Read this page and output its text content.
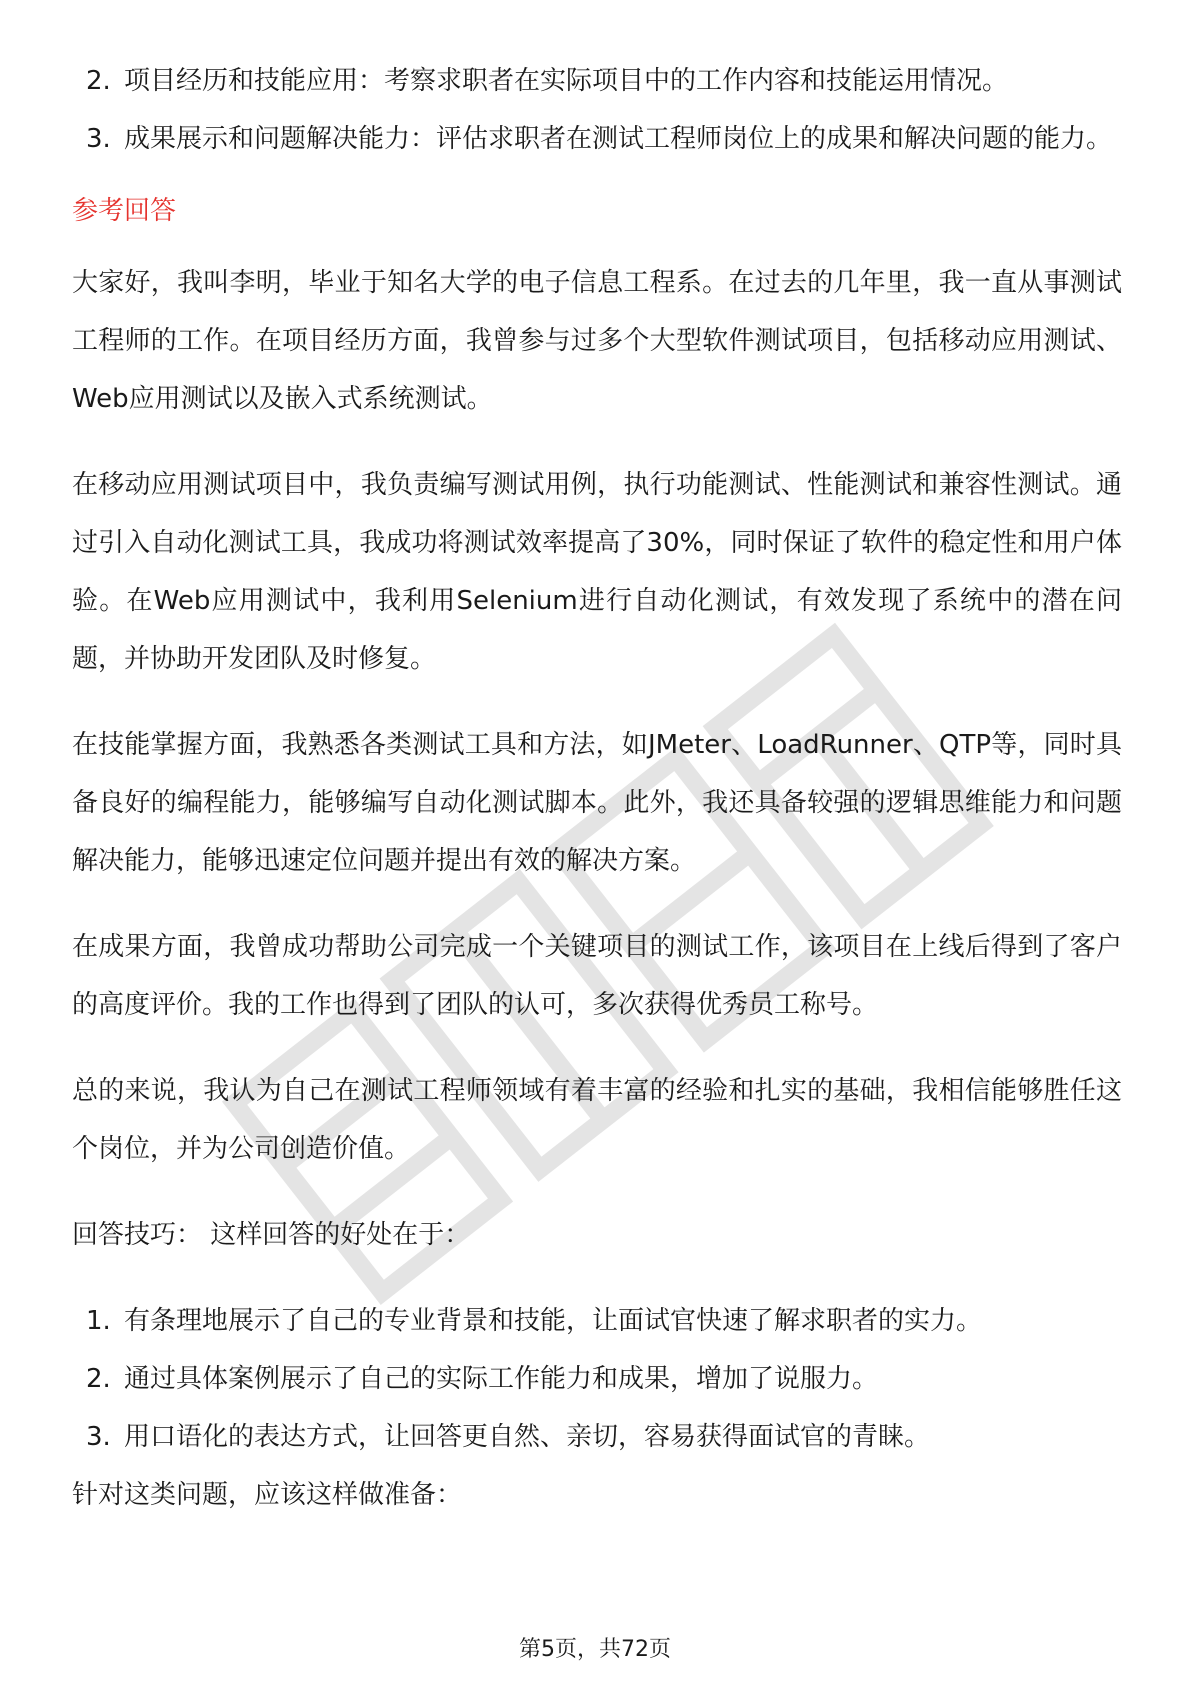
2. 项目经历和技能应用：考察求职者在实际项目中的工作内容和技能运用情况。
3. 成果展示和问题解决能力：评估求职者在测试工程师岗位上的成果和解决问题的能力。
参考回答

大家好，我叫李明，毕业于知名大学的电子信息工程系。在过去的几年里，我一直从事测试工程师的工作。在项目经历方面，我曾参与过多个大型软件测试项目，包括移动应用测试、Web应用测试以及嵌入式系统测试。

在移动应用测试项目中，我负责编写测试用例，执行功能测试、性能测试和兼容性测试。通过引入自动化测试工具，我成功将测试效率提高了30%，同时保证了软件的稳定性和用户体验。在Web应用测试中，我利用Selenium进行自动化测试，有效发现了系统中的潜在问题，并协助开发团队及时修复。

在技能掌握方面，我熟悉各类测试工具和方法，如JMeter、LoadRunner、QTP等，同时具备良好的编程能力，能够编写自动化测试脚本。此外，我还具备较强的逻辑思维能力和问题解决能力，能够迅速定位问题并提出有效的解决方案。

在成果方面，我曾成功帮助公司完成一个关键项目的测试工作，该项目在上线后得到了客户的高度评价。我的工作也得到了团队的认可，多次获得优秀员工称号。

总的来说，我认为自己在测试工程师领域有着丰富的经验和扎实的基础，我相信能够胜任这个岗位，并为公司创造价值。

回答技巧： 这样回答的好处在于：
1. 有条理地展示了自己的专业背景和技能，让面试官快速了解求职者的实力。
2. 通过具体案例展示了自己的实际工作能力和成果，增加了说服力。
3. 用口语化的表达方式，让回答更自然、亲切，容易获得面试官的青睐。
针对这类问题，应该这样做准备：
第5页，共72页
